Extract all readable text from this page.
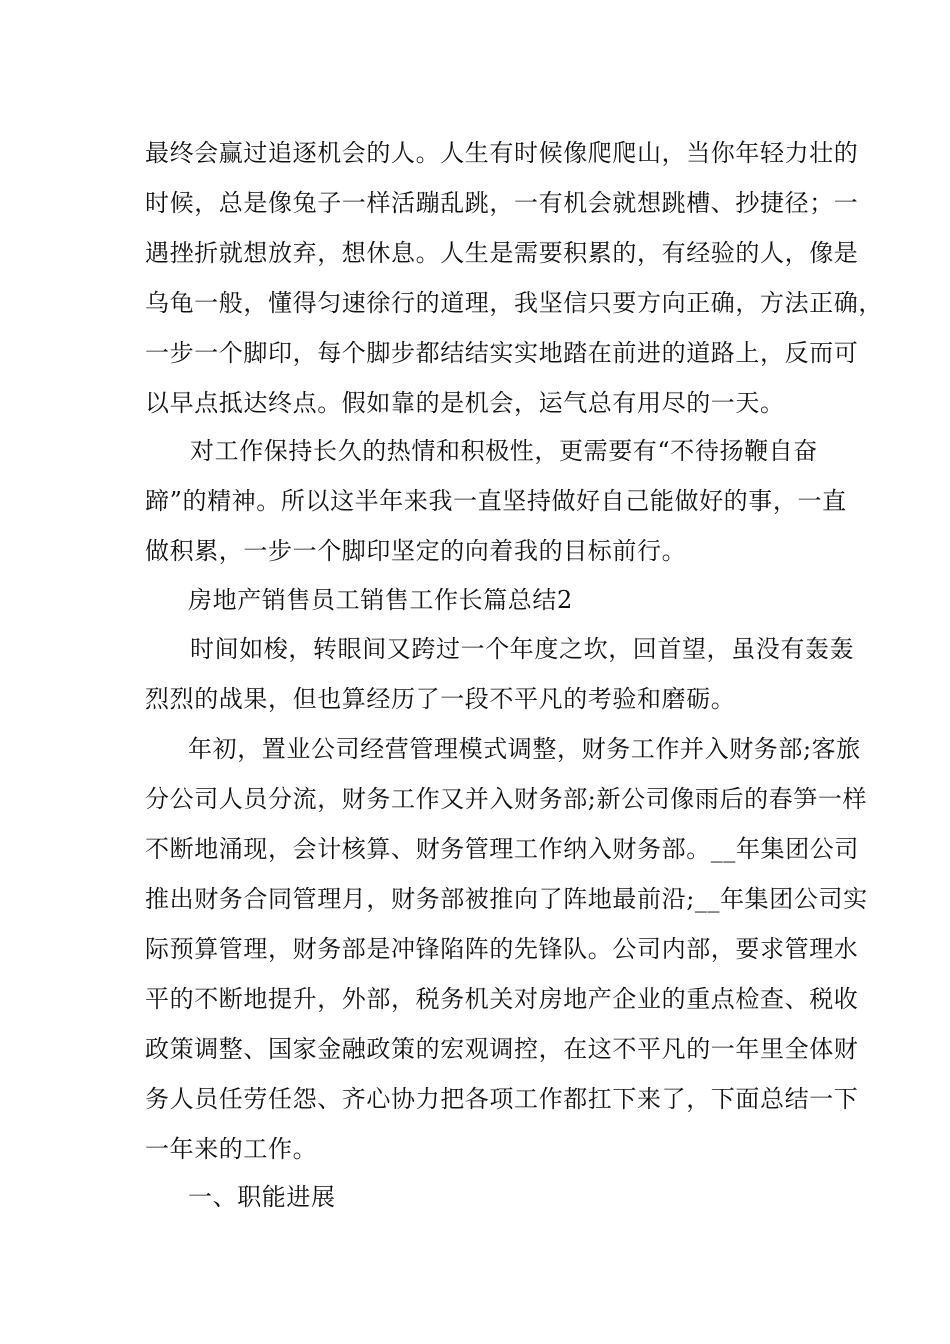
最终会赢过追逐机会的人。人生有时候像爬爬山，当你年轻力壮的
时候，总是像兔子一样活蹦乱跳，一有机会就想跳槽、抄捷径；一
遇挫折就想放弃，想休息。人生是需要积累的，有经验的人，像是
乌龟一般，懂得匀速徐行的道理，我坚信只要方向正确，方法正确，
一步一个脚印，每个脚步都结结实实地踏在前进的道路上，反而可
以早点抵达终点。假如靠的是机会，运气总有用尽的一天。
对工作保持长久的热情和积极性，更需要有“不待扬鞭自奋
蹄”的精神。所以这半年来我一直坚持做好自己能做好的事，一直
做积累，一步一个脚印坚定的向着我的目标前行。
房地产销售员工销售工作长篇总结2
时间如梭，转眼间又跨过一个年度之坎，回首望，虽没有轰轰
烈烈的战果，但也算经历了一段不平凡的考验和磨砺。
年初，置业公司经营管理模式调整，财务工作并入财务部;客旅
分公司人员分流，财务工作又并入财务部;新公司像雨后的春笋一样
不断地涌现，会计核算、财务管理工作纳入财务部。__年集团公司
推出财务合同管理月，财务部被推向了阵地最前沿;__年集团公司实
际预算管理，财务部是冲锋陷阵的先锋队。公司内部，要求管理水
平的不断地提升，外部，税务机关对房地产企业的重点检查、税收
政策调整、国家金融政策的宏观调控，在这不平凡的一年里全体财
务人员任劳任怨、齐心协力把各项工作都扛下来了，下面总结一下
一年来的工作。
一、职能进展
